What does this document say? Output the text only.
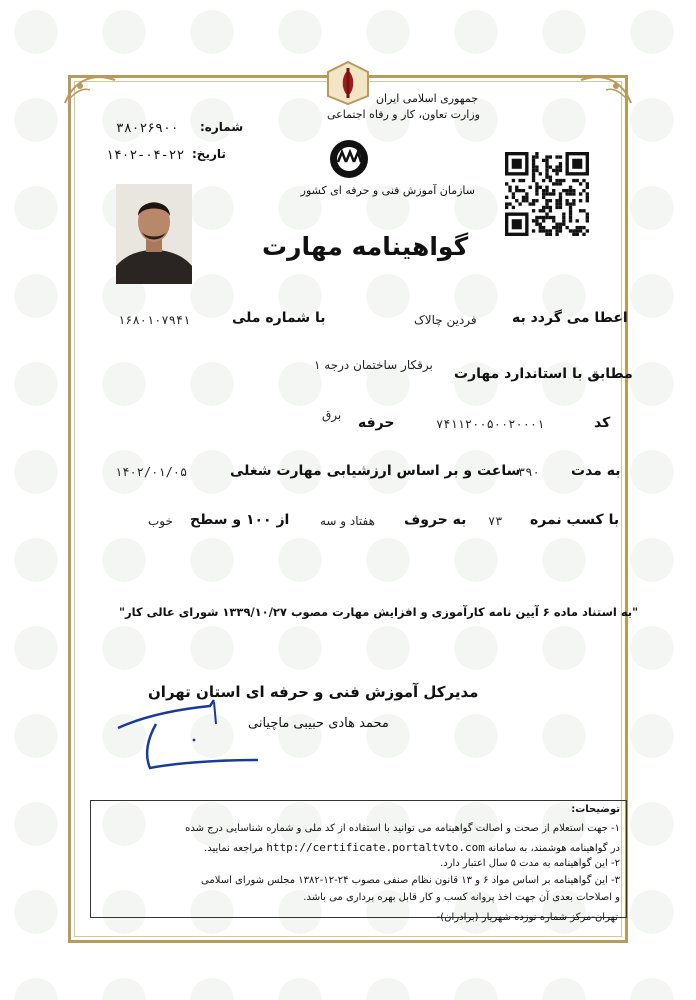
جمهوری اسلامی ایران
وزارت تعاون، کار و رفاه اجتماعی
سازمان آموزش فنی و حرفه ای کشور
شماره:
۳۸۰۲۶۹۰۰
تاریخ:
۱۴۰۲-۰۴-۲۲
گواهینامه مهارت
اعطا می گردد به
فردین چالاک
با شماره ملی
۱۶۸۰۱۰۷۹۴۱
مطابق با استاندارد مهارت
برقکار ساختمان درجه ۱
کد
۷۴۱۱۲۰۰۵۰۰۲۰۰۰۱
حرفه
برق
به مدت
۳۹۰
ساعت و بر اساس ارزشیابی مهارت شغلی
۱۴۰۲/۰۱/۰۵
با کسب نمره
۷۳
به حروف
هفتاد و سه
از ۱۰۰ و سطح
خوب
"به استناد ماده ۶ آیین نامه کارآموزی و افزایش مهارت مصوب ۱۳۳۹/۱۰/۲۷ شورای عالی کار"
مدیرکل آموزش فنی و حرفه ای استان تهران
محمد هادی حبیبی ماچیانی
توضیحات:
۱- جهت استعلام از صحت و اصالت گواهینامه می توانید با استفاده از کد ملی و شماره شناسایی درج شده
در گواهینامه هوشمند، به سامانه http://certificate.portaltvto.com مراجعه نمایید.
۲- این گواهینامه به مدت ۵ سال اعتبار دارد.
۳- این گواهینامه بر اساس مواد ۶ و ۱۳ قانون نظام صنفی مصوب ۲۴-۱۲-۱۳۸۲ مجلس شورای اسلامی
و اصلاحات بعدی آن جهت اخذ پروانه کسب و کار قابل بهره برداری می باشد.
تهران-مرکز شماره نوزده شهریار (برادران)-
